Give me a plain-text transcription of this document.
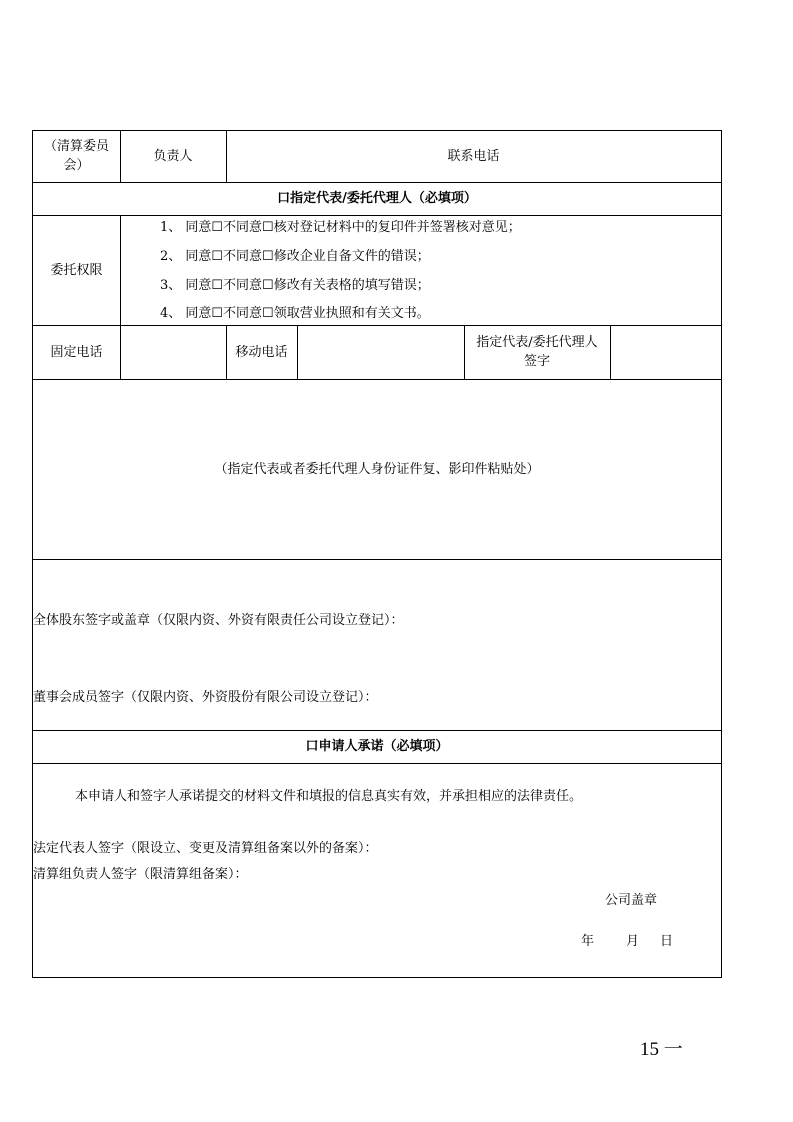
（清算委员
会）
负责人	联系电话
口指定代表/委托代理人（必填项）
委托权限
1、 同意☐不同意☐核对登记材料中的复印件并签署核对意见；
2、 同意☐不同意☐修改企业自备文件的错误；
3、 同意☐不同意☐修改有关表格的填写错误；
4、 同意☐不同意☐领取营业执照和有关文书。
固定电话	移动电话
指定代表/委托代理人
签字
（指定代表或者委托代理人身份证件复、影印件粘贴处）
全体股东签字或盖章（仅限内资、外资有限责任公司设立登记）：
董事会成员签字（仅限内资、外资股份有限公司设立登记）：
口申请人承诺（必填项）
本申请人和签字人承诺提交的材料文件和填报的信息真实有效，并承担相应的法律责任。
法定代表人签字（限设立、变更及清算组备案以外的备案）：
清算组负责人签字（限清算组备案）：
公司盖章
年 月 日
15 一
